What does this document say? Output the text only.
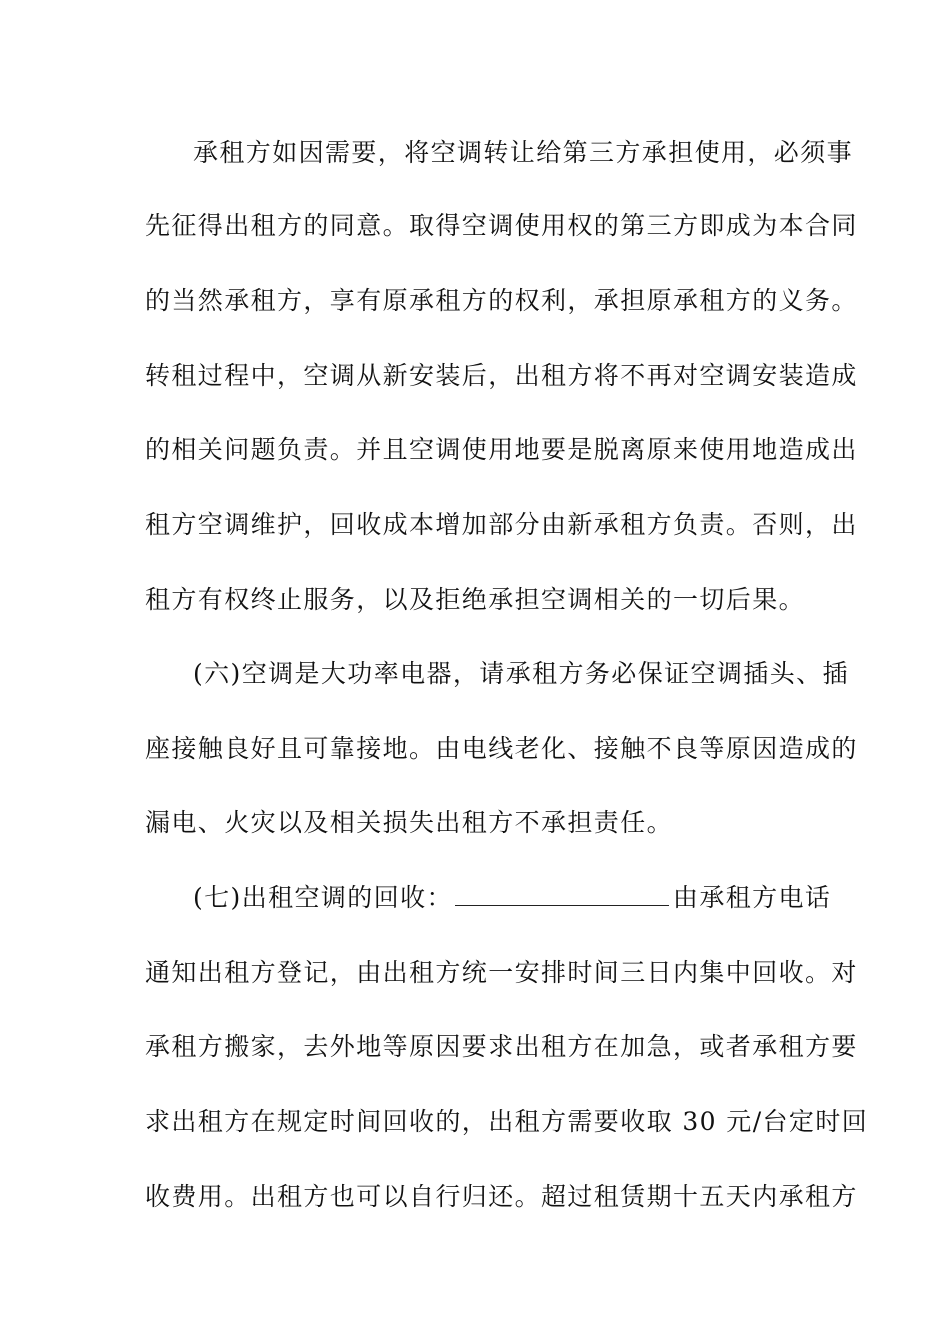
承租方如因需要，将空调转让给第三方承担使用，必须事
先征得出租方的同意。取得空调使用权的第三方即成为本合同
的当然承租方，享有原承租方的权利，承担原承租方的义务。
转租过程中，空调从新安装后，出租方将不再对空调安装造成
的相关问题负责。并且空调使用地要是脱离原来使用地造成出
租方空调维护，回收成本增加部分由新承租方负责。否则，出
租方有权终止服务，以及拒绝承担空调相关的一切后果。
(六)空调是大功率电器，请承租方务必保证空调插头、插
座接触良好且可靠接地。由电线老化、接触不良等原因造成的
漏电、火灾以及相关损失出租方不承担责任。
(七)出租空调的回收：	由承租方电话
通知出租方登记，由出租方统一安排时间三日内集中回收。对
承租方搬家，去外地等原因要求出租方在加急，或者承租方要
求出租方在规定时间回收的，出租方需要收取 30 元/台定时回
收费用。出租方也可以自行归还。超过租赁期十五天内承租方
